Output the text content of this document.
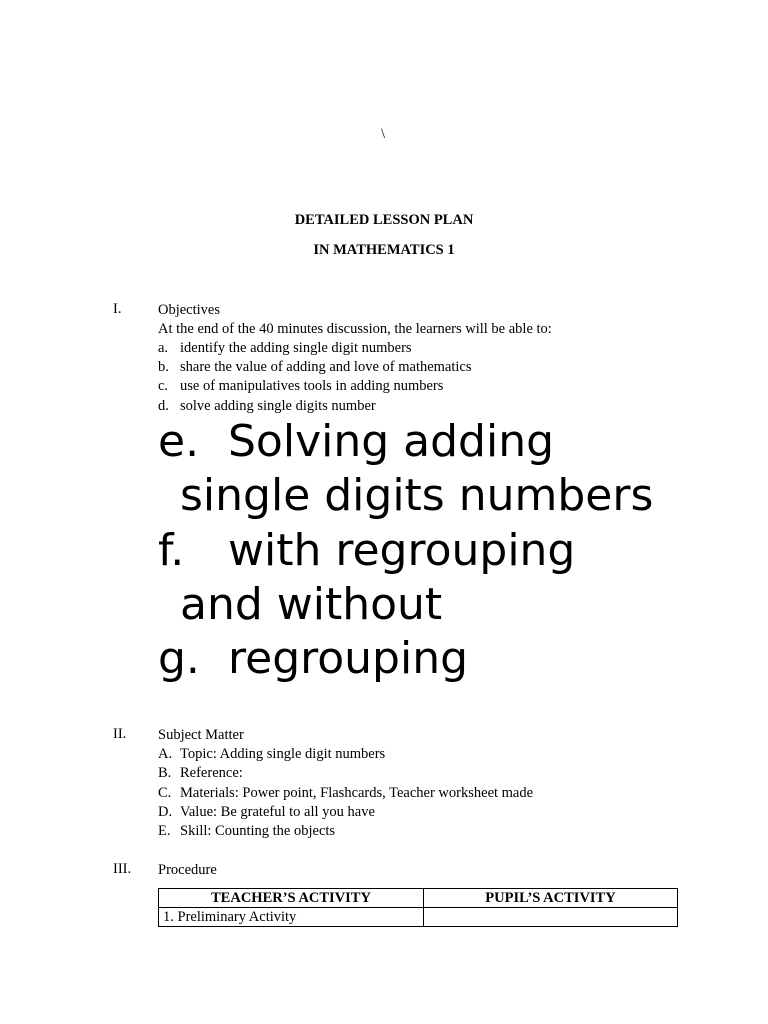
\
DETAILED LESSON PLAN
IN MATHEMATICS 1
I.	Objectives
At the end of the 40 minutes discussion, the learners will be able to:
a. identify the adding single digit numbers
b. share the value of adding and love of mathematics
c. use of manipulatives tools in adding numbers
d. solve adding single digits number
e. Solving adding
single digits numbers
f. with regrouping
and without
g. regrouping
II. Subject Matter
A. Topic: Adding single digit numbers
B. Reference:
C. Materials: Power point, Flashcards, Teacher worksheet made
D. Value: Be grateful to all you have
E. Skill: Counting the objects
III. Procedure
TEACHER’S ACTIVITY	PUPIL’S ACTIVITY
1. Preliminary Activity	
